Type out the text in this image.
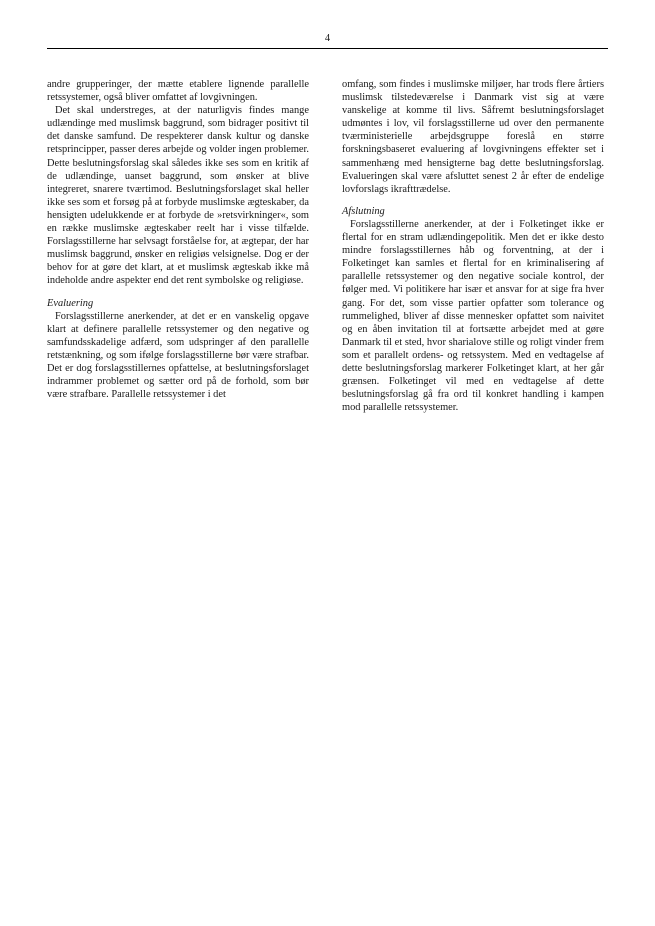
4

andre grupperinger, der mætte etablere lignende parallelle retssystemer, også bliver omfattet af lovgivningen.

Det skal understreges, at der naturligvis findes mange udlændinge med muslimsk baggrund, som bidrager positivt til det danske samfund. De respekterer dansk kultur og danske retsprincipper, passer deres arbejde og volder ingen problemer. Dette beslutningsforslag skal således ikke ses som en kritik af de udlændinge, uanset baggrund, som ønsker at blive integreret, snarere tværtimod. Beslutningsforslaget skal heller ikke ses som et forsøg på at forbyde muslimske ægteskaber, da hensigten udelukkende er at forbyde de »retsvirkninger«, som en række muslimske ægteskaber reelt har i visse tilfælde. Forslagsstillerne har selvsagt forståelse for, at ægtepar, der har muslimsk baggrund, ønsker en religiøs velsignelse. Dog er der behov for at gøre det klart, at et muslimsk ægteskab ikke må indeholde andre aspekter end det rent symbolske og religiøse.

Evaluering

Forslagsstillerne anerkender, at det er en vanskelig opgave klart at definere parallelle retssystemer og den negative og samfundsskadelige adfærd, som udspringer af den parallelle retstænkning, og som ifølge forslagsstillerne bør være strafbar. Det er dog forslagsstillernes opfattelse, at beslutningsforslaget indrammer problemet og sætter ord på de forhold, som bør være strafbare. Parallelle retssystemer i det

omfang, som findes i muslimske miljøer, har trods flere årtiers muslimsk tilstedeværelse i Danmark vist sig at være vanskelige at komme til livs. Såfremt beslutningsforslaget udmøntes i lov, vil forslagsstillerne ud over den permanente tværministerielle arbejdsgruppe foreslå en større forskningsbaseret evaluering af lovgivningens effekter set i sammenhæng med hensigterne bag dette beslutningsforslag. Evalueringen skal være afsluttet senest 2 år efter de endelige lovforslags ikrafttrædelse.

Afslutning

Forslagsstillerne anerkender, at der i Folketinget ikke er flertal for en stram udlændingepolitik. Men det er ikke desto mindre forslagsstillernes håb og forventning, at der i Folketinget kan samles et flertal for en kriminalisering af parallelle retssystemer og den negative sociale kontrol, der følger med. Vi politikere har især et ansvar for at sige fra hver gang. For det, som visse partier opfatter som tolerance og rummelighed, bliver af disse mennesker opfattet som naivitet og en åben invitation til at fortsætte arbejdet med at gøre Danmark til et sted, hvor sharialove stille og roligt vinder frem som et parallelt ordens- og retssystem. Med en vedtagelse af dette beslutningsforslag markerer Folketinget klart, at her går grænsen. Folketinget vil med en vedtagelse af dette beslutningsforslag gå fra ord til konkret handling i kampen mod parallelle retssystemer.
